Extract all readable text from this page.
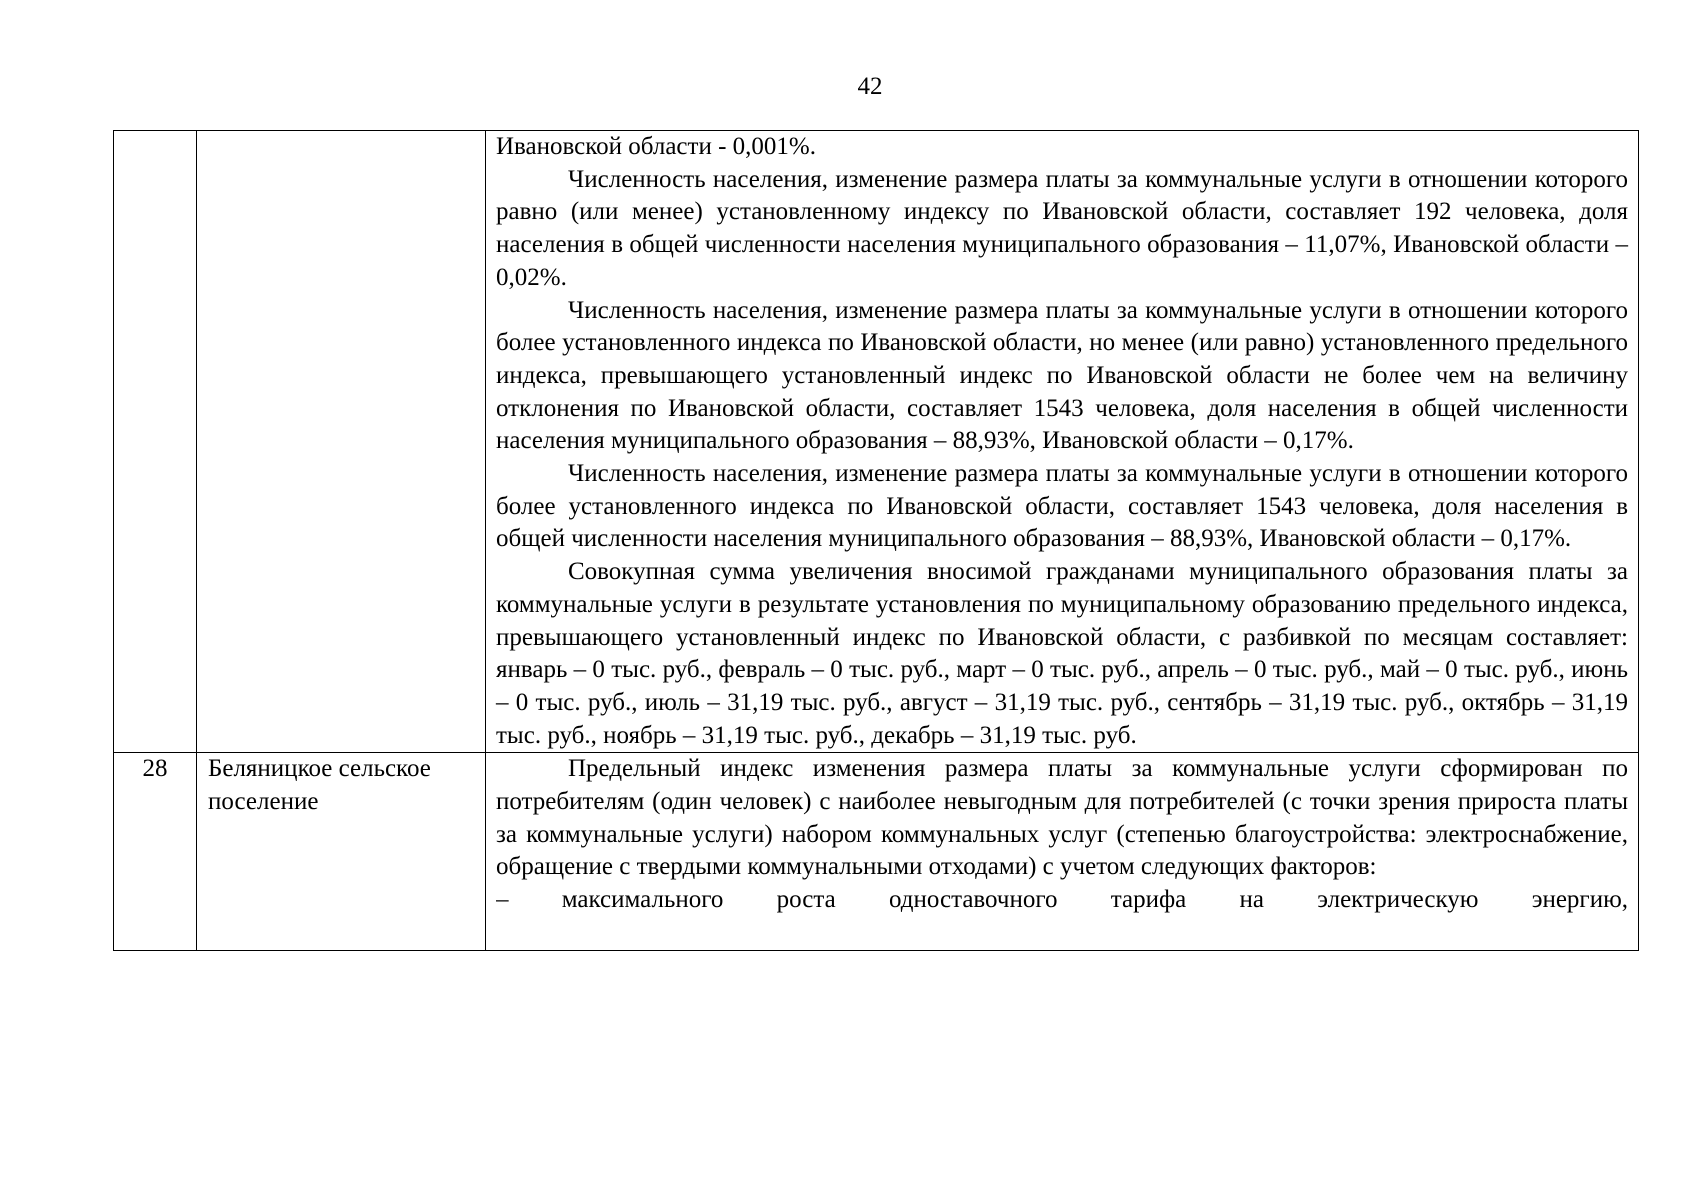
42

		Ивановской области - 0,001%.

Численность населения, изменение размера платы за коммунальные услуги в отношении которого равно (или менее) установленному индексу по Ивановской области, составляет 192 человека, доля населения в общей численности населения муниципального образования – 11,07%, Ивановской области – 0,02%.

Численность населения, изменение размера платы за коммунальные услуги в отношении которого более установленного индекса по Ивановской области, но менее (или равно) установленного предельного индекса, превышающего установленный индекс по Ивановской области не более чем на величину отклонения по Ивановской области, составляет 1543 человека, доля населения в общей численности населения муниципального образования – 88,93%, Ивановской области – 0,17%.

Численность населения, изменение размера платы за коммунальные услуги в отношении которого более установленного индекса по Ивановской области, составляет 1543 человека, доля населения в общей численности населения муниципального образования – 88,93%, Ивановской области – 0,17%.

Совокупная сумма увеличения вносимой гражданами муниципального образования платы за коммунальные услуги в результате установления по муниципальному образованию предельного индекса, превышающего установленный индекс по Ивановской области, с разбивкой по месяцам составляет: январь – 0 тыс. руб., февраль – 0 тыс. руб., март – 0 тыс. руб., апрель – 0 тыс. руб., май – 0 тыс. руб., июнь – 0 тыс. руб., июль – 31,19 тыс. руб., август – 31,19 тыс. руб., сентябрь – 31,19 тыс. руб., октябрь – 31,19 тыс. руб., ноябрь – 31,19 тыс. руб., декабрь – 31,19 тыс. руб.

28	Беляницкое сельское поселение	Предельный индекс изменения размера платы за коммунальные услуги сформирован по потребителям (один человек) с наиболее невыгодным для потребителей (с точки зрения прироста платы за коммунальные услуги) набором коммунальных услуг (степенью благоустройства: электроснабжение, обращение с твердыми коммунальными отходами) с учетом следующих факторов:

– максимального роста одноставочного тарифа на электрическую энергию,
